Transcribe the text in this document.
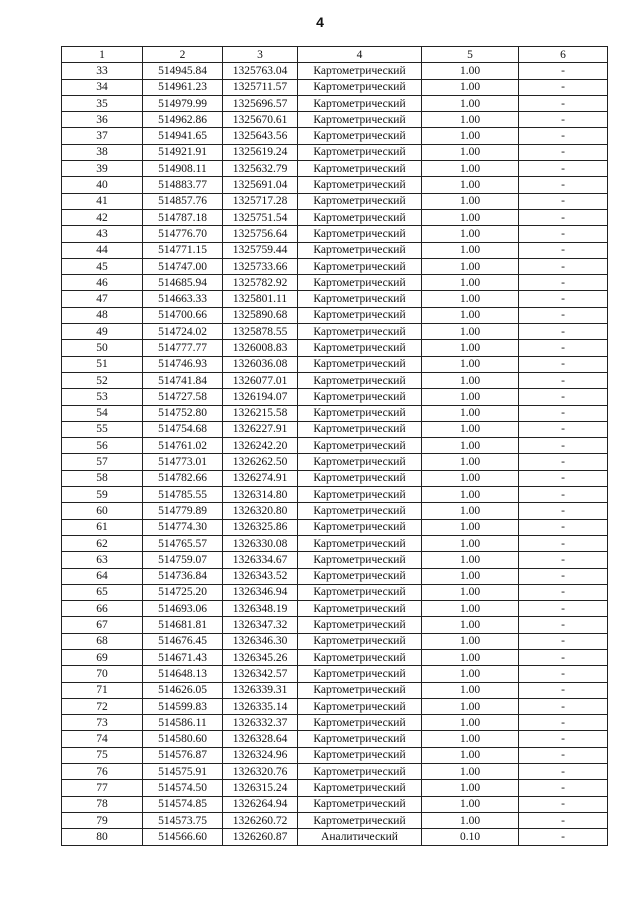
4
1	2	3	4	5	6
33	514945.84	1325763.04	Картометрический	1.00	-
34	514961.23	1325711.57	Картометрический	1.00	-
35	514979.99	1325696.57	Картометрический	1.00	-
36	514962.86	1325670.61	Картометрический	1.00	-
37	514941.65	1325643.56	Картометрический	1.00	-
38	514921.91	1325619.24	Картометрический	1.00	-
39	514908.11	1325632.79	Картометрический	1.00	-
40	514883.77	1325691.04	Картометрический	1.00	-
41	514857.76	1325717.28	Картометрический	1.00	-
42	514787.18	1325751.54	Картометрический	1.00	-
43	514776.70	1325756.64	Картометрический	1.00	-
44	514771.15	1325759.44	Картометрический	1.00	-
45	514747.00	1325733.66	Картометрический	1.00	-
46	514685.94	1325782.92	Картометрический	1.00	-
47	514663.33	1325801.11	Картометрический	1.00	-
48	514700.66	1325890.68	Картометрический	1.00	-
49	514724.02	1325878.55	Картометрический	1.00	-
50	514777.77	1326008.83	Картометрический	1.00	-
51	514746.93	1326036.08	Картометрический	1.00	-
52	514741.84	1326077.01	Картометрический	1.00	-
53	514727.58	1326194.07	Картометрический	1.00	-
54	514752.80	1326215.58	Картометрический	1.00	-
55	514754.68	1326227.91	Картометрический	1.00	-
56	514761.02	1326242.20	Картометрический	1.00	-
57	514773.01	1326262.50	Картометрический	1.00	-
58	514782.66	1326274.91	Картометрический	1.00	-
59	514785.55	1326314.80	Картометрический	1.00	-
60	514779.89	1326320.80	Картометрический	1.00	-
61	514774.30	1326325.86	Картометрический	1.00	-
62	514765.57	1326330.08	Картометрический	1.00	-
63	514759.07	1326334.67	Картометрический	1.00	-
64	514736.84	1326343.52	Картометрический	1.00	-
65	514725.20	1326346.94	Картометрический	1.00	-
66	514693.06	1326348.19	Картометрический	1.00	-
67	514681.81	1326347.32	Картометрический	1.00	-
68	514676.45	1326346.30	Картометрический	1.00	-
69	514671.43	1326345.26	Картометрический	1.00	-
70	514648.13	1326342.57	Картометрический	1.00	-
71	514626.05	1326339.31	Картометрический	1.00	-
72	514599.83	1326335.14	Картометрический	1.00	-
73	514586.11	1326332.37	Картометрический	1.00	-
74	514580.60	1326328.64	Картометрический	1.00	-
75	514576.87	1326324.96	Картометрический	1.00	-
76	514575.91	1326320.76	Картометрический	1.00	-
77	514574.50	1326315.24	Картометрический	1.00	-
78	514574.85	1326264.94	Картометрический	1.00	-
79	514573.75	1326260.72	Картометрический	1.00	-
80	514566.60	1326260.87	Аналитический	0.10	-
